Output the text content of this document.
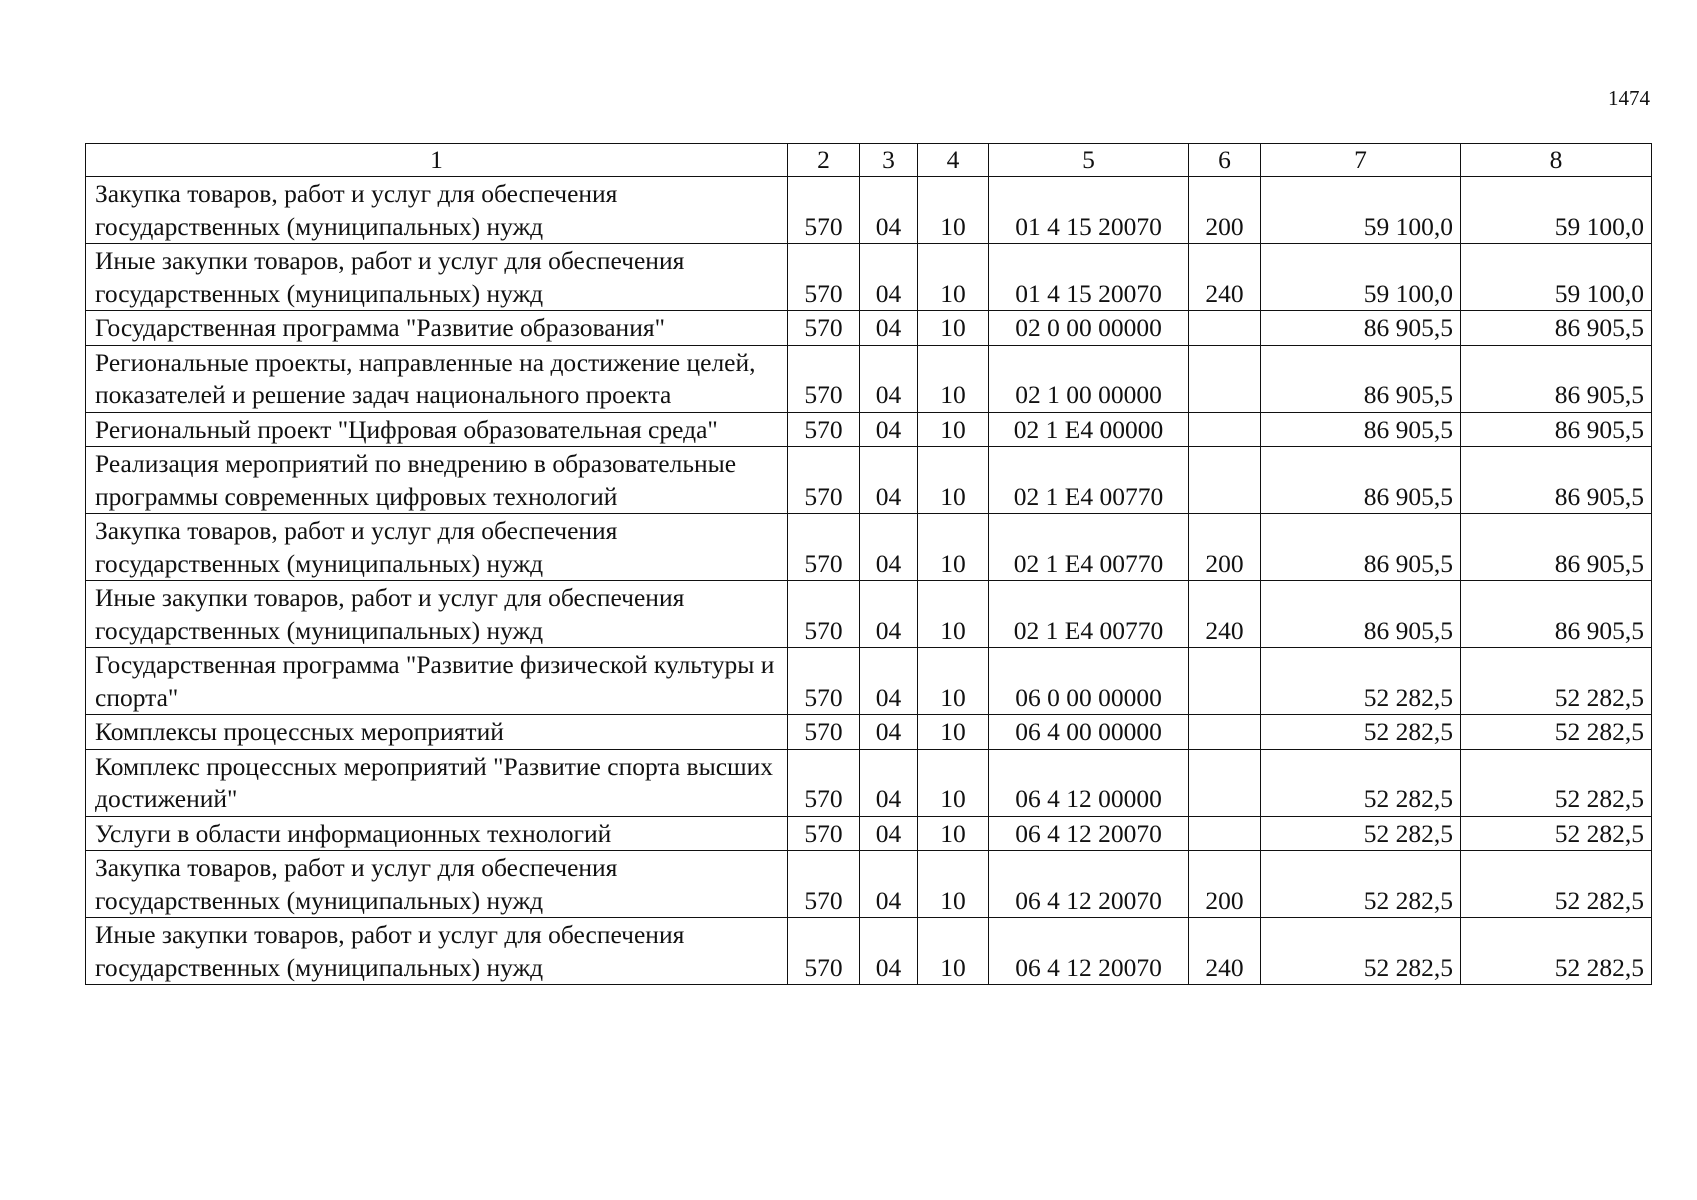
1474
1	2	3	4	5	6	7	8
Закупка товаров, работ и услуг для обеспечения государственных (муниципальных) нужд	570	04	10	01 4 15 20070	200	59 100,0	59 100,0
Иные закупки товаров, работ и услуг для обеспечения государственных (муниципальных) нужд	570	04	10	01 4 15 20070	240	59 100,0	59 100,0
Государственная программа "Развитие образования"	570	04	10	02 0 00 00000		86 905,5	86 905,5
Региональные проекты, направленные на достижение целей, показателей и решение задач национального проекта	570	04	10	02 1 00 00000		86 905,5	86 905,5
Региональный проект "Цифровая образовательная среда"	570	04	10	02 1 Е4 00000		86 905,5	86 905,5
Реализация мероприятий по внедрению в образовательные программы современных цифровых технологий	570	04	10	02 1 Е4 00770		86 905,5	86 905,5
Закупка товаров, работ и услуг для обеспечения государственных (муниципальных) нужд	570	04	10	02 1 Е4 00770	200	86 905,5	86 905,5
Иные закупки товаров, работ и услуг для обеспечения государственных (муниципальных) нужд	570	04	10	02 1 Е4 00770	240	86 905,5	86 905,5
Государственная программа "Развитие физической культуры и спорта"	570	04	10	06 0 00 00000		52 282,5	52 282,5
Комплексы процессных мероприятий	570	04	10	06 4 00 00000		52 282,5	52 282,5
Комплекс процессных мероприятий "Развитие спорта высших достижений"	570	04	10	06 4 12 00000		52 282,5	52 282,5
Услуги в области информационных технологий	570	04	10	06 4 12 20070		52 282,5	52 282,5
Закупка товаров, работ и услуг для обеспечения государственных (муниципальных) нужд	570	04	10	06 4 12 20070	200	52 282,5	52 282,5
Иные закупки товаров, работ и услуг для обеспечения государственных (муниципальных) нужд	570	04	10	06 4 12 20070	240	52 282,5	52 282,5
